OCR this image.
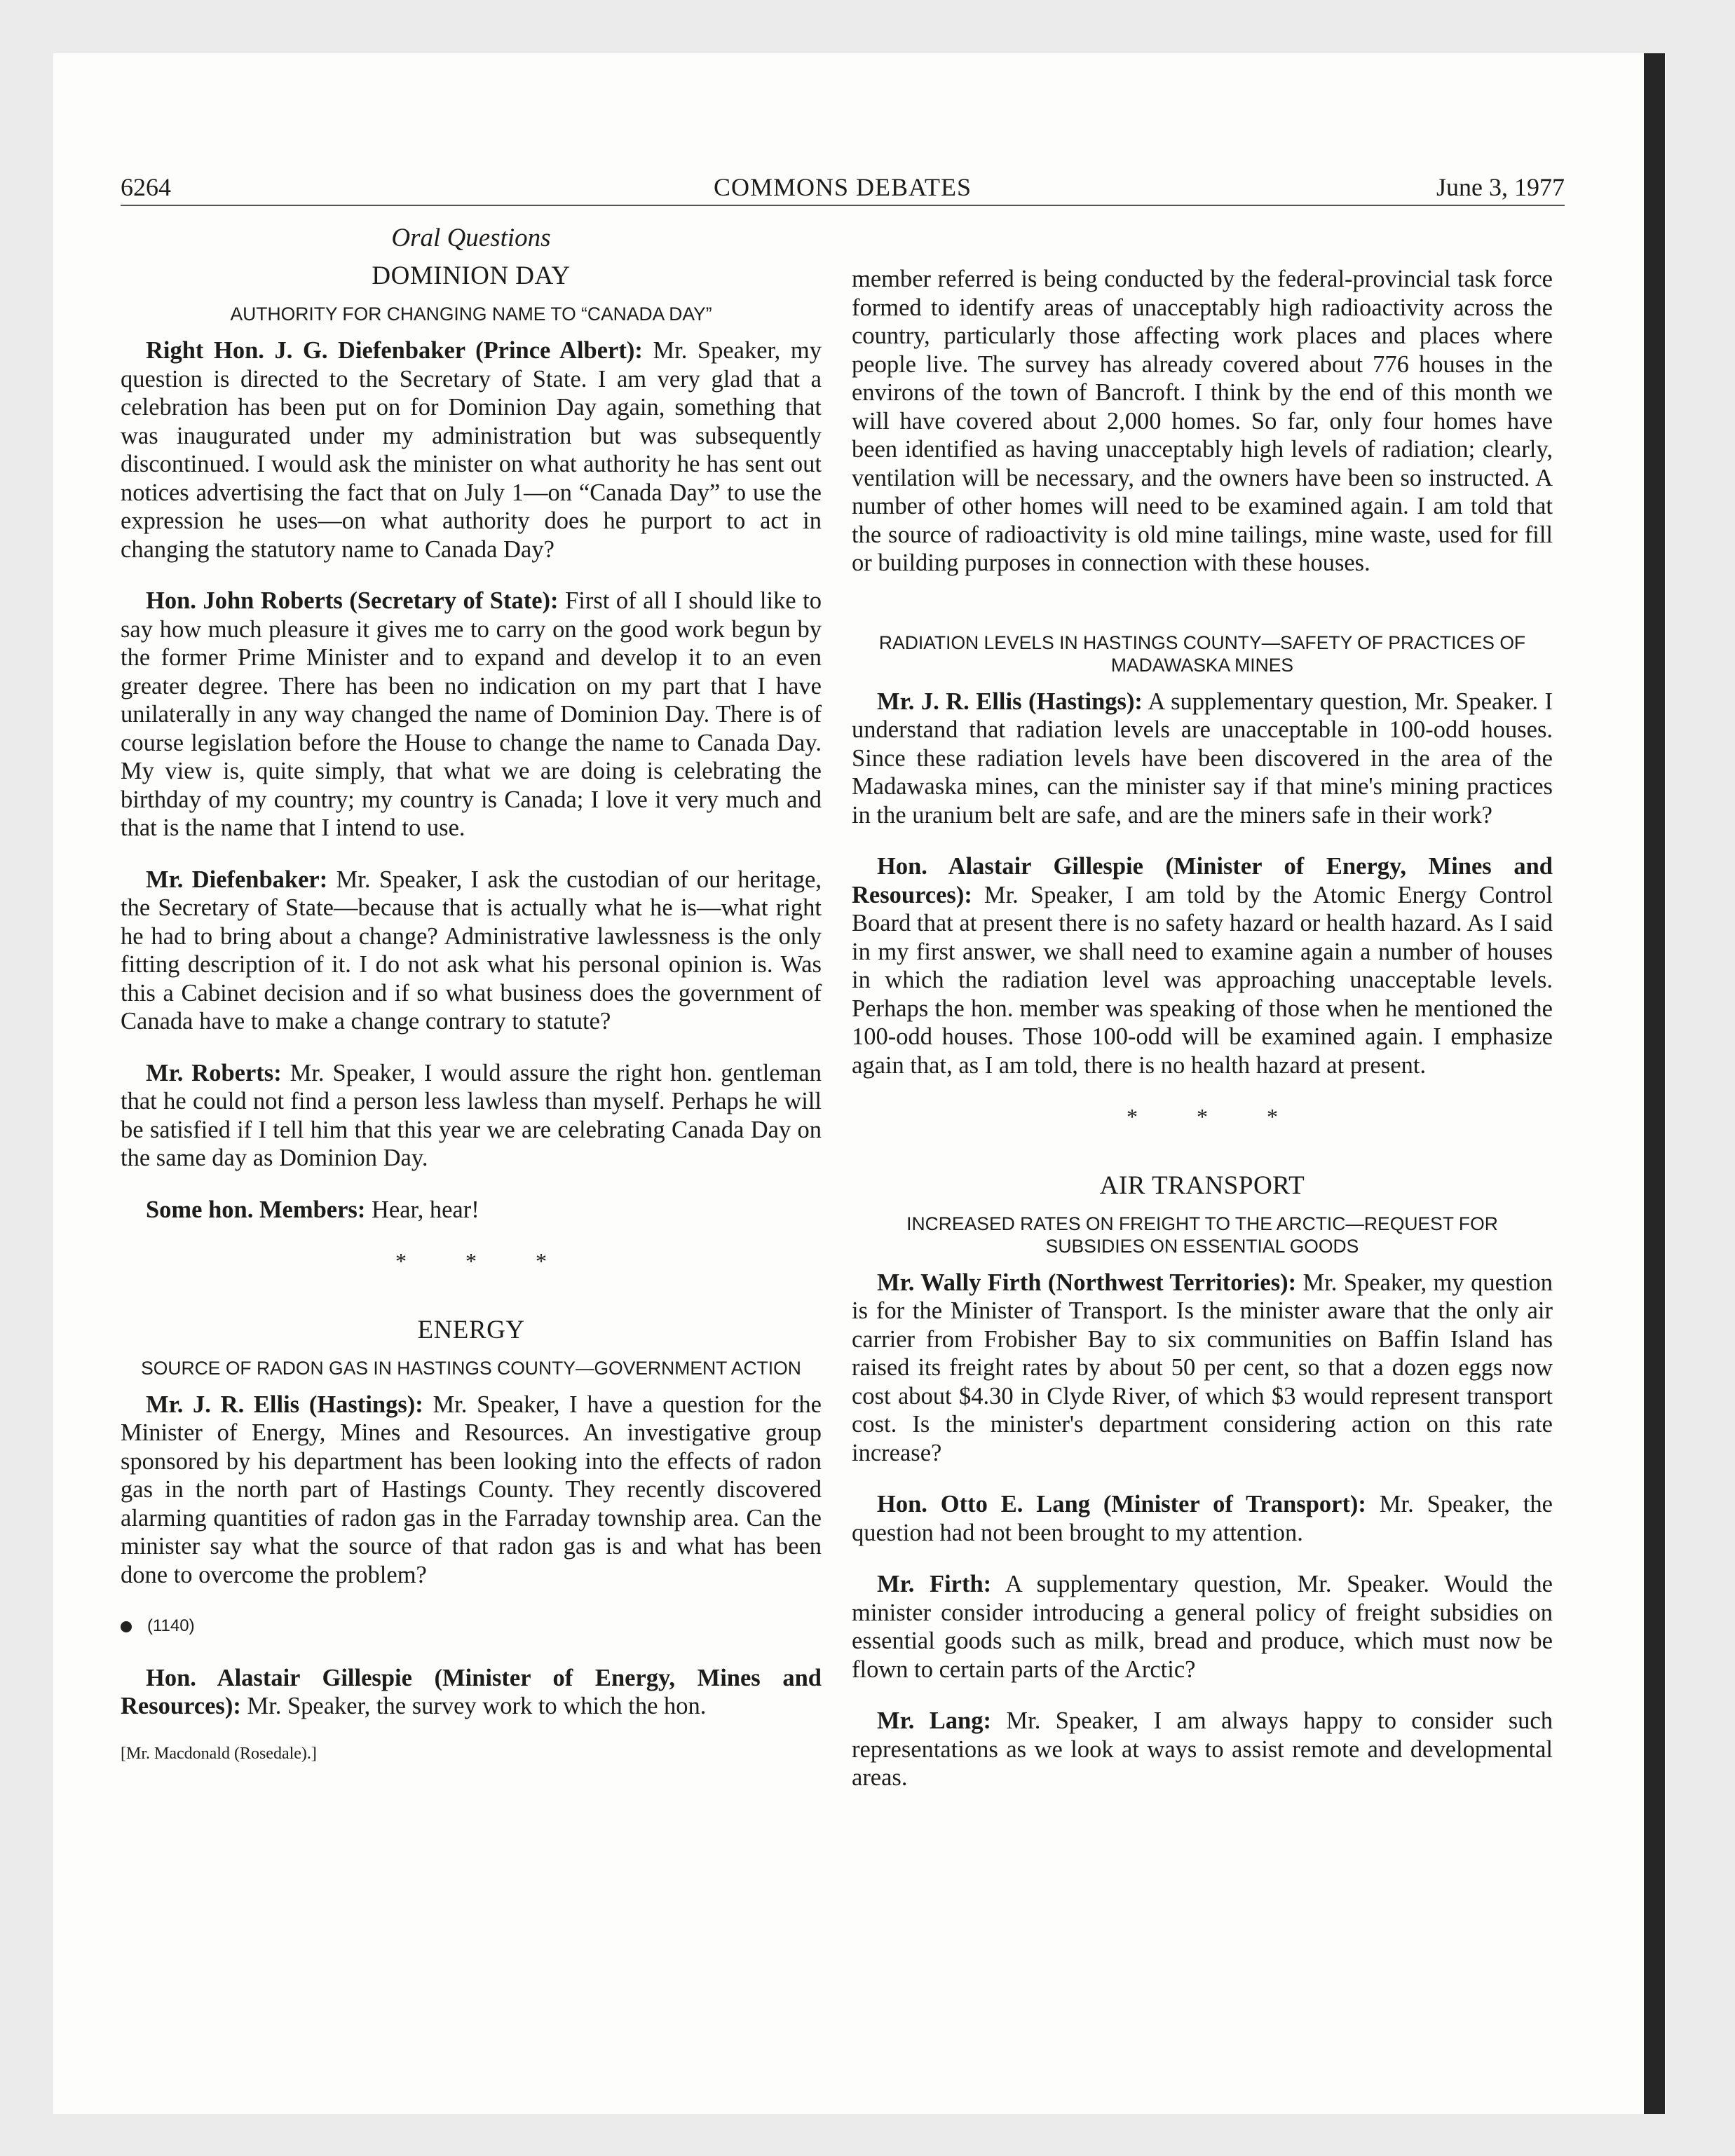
6264	COMMONS DEBATES	June 3, 1977
Oral Questions
DOMINION DAY
AUTHORITY FOR CHANGING NAME TO “CANADA DAY”

Right Hon. J. G. Diefenbaker (Prince Albert): Mr. Speaker, my question is directed to the Secretary of State. I am very glad that a celebration has been put on for Dominion Day again, something that was inaugurated under my administration but was subsequently discontinued. I would ask the minister on what authority he has sent out notices advertising the fact that on July 1—on “Canada Day” to use the expression he uses—on what authority does he purport to act in changing the statutory name to Canada Day?

Hon. John Roberts (Secretary of State): First of all I should like to say how much pleasure it gives me to carry on the good work begun by the former Prime Minister and to expand and develop it to an even greater degree. There has been no indication on my part that I have unilaterally in any way changed the name of Dominion Day. There is of course legislation before the House to change the name to Canada Day. My view is, quite simply, that what we are doing is celebrating the birthday of my country; my country is Canada; I love it very much and that is the name that I intend to use.

Mr. Diefenbaker: Mr. Speaker, I ask the custodian of our heritage, the Secretary of State—because that is actually what he is—what right he had to bring about a change? Administrative lawlessness is the only fitting description of it. I do not ask what his personal opinion is. Was this a Cabinet decision and if so what business does the government of Canada have to make a change contrary to statute?

Mr. Roberts: Mr. Speaker, I would assure the right hon. gentleman that he could not find a person less lawless than myself. Perhaps he will be satisfied if I tell him that this year we are celebrating Canada Day on the same day as Dominion Day.

Some hon. Members: Hear, hear!

* * *
ENERGY
SOURCE OF RADON GAS IN HASTINGS COUNTY—GOVERNMENT ACTION

Mr. J. R. Ellis (Hastings): Mr. Speaker, I have a question for the Minister of Energy, Mines and Resources. An investigative group sponsored by his department has been looking into the effects of radon gas in the north part of Hastings County. They recently discovered alarming quantities of radon gas in the Farraday township area. Can the minister say what the source of that radon gas is and what has been done to overcome the problem?

(1140)

Hon. Alastair Gillespie (Minister of Energy, Mines and Resources): Mr. Speaker, the survey work to which the hon.

[Mr. Macdonald (Rosedale).]

member referred is being conducted by the federal-provincial task force formed to identify areas of unacceptably high radioactivity across the country, particularly those affecting work places and places where people live. The survey has already covered about 776 houses in the environs of the town of Bancroft. I think by the end of this month we will have covered about 2,000 homes. So far, only four homes have been identified as having unacceptably high levels of radiation; clearly, ventilation will be necessary, and the owners have been so instructed. A number of other homes will need to be examined again. I am told that the source of radioactivity is old mine tailings, mine waste, used for fill or building purposes in connection with these houses.

RADIATION LEVELS IN HASTINGS COUNTY—SAFETY OF PRACTICES OF MADAWASKA MINES

Mr. J. R. Ellis (Hastings): A supplementary question, Mr. Speaker. I understand that radiation levels are unacceptable in 100-odd houses. Since these radiation levels have been discovered in the area of the Madawaska mines, can the minister say if that mine's mining practices in the uranium belt are safe, and are the miners safe in their work?

Hon. Alastair Gillespie (Minister of Energy, Mines and Resources): Mr. Speaker, I am told by the Atomic Energy Control Board that at present there is no safety hazard or health hazard. As I said in my first answer, we shall need to examine again a number of houses in which the radiation level was approaching unacceptable levels. Perhaps the hon. member was speaking of those when he mentioned the 100-odd houses. Those 100-odd will be examined again. I emphasize again that, as I am told, there is no health hazard at present.

* * *
AIR TRANSPORT
INCREASED RATES ON FREIGHT TO THE ARCTIC—REQUEST FOR SUBSIDIES ON ESSENTIAL GOODS

Mr. Wally Firth (Northwest Territories): Mr. Speaker, my question is for the Minister of Transport. Is the minister aware that the only air carrier from Frobisher Bay to six communities on Baffin Island has raised its freight rates by about 50 per cent, so that a dozen eggs now cost about $4.30 in Clyde River, of which $3 would represent transport cost. Is the minister's department considering action on this rate increase?

Hon. Otto E. Lang (Minister of Transport): Mr. Speaker, the question had not been brought to my attention.

Mr. Firth: A supplementary question, Mr. Speaker. Would the minister consider introducing a general policy of freight subsidies on essential goods such as milk, bread and produce, which must now be flown to certain parts of the Arctic?

Mr. Lang: Mr. Speaker, I am always happy to consider such representations as we look at ways to assist remote and developmental areas.
